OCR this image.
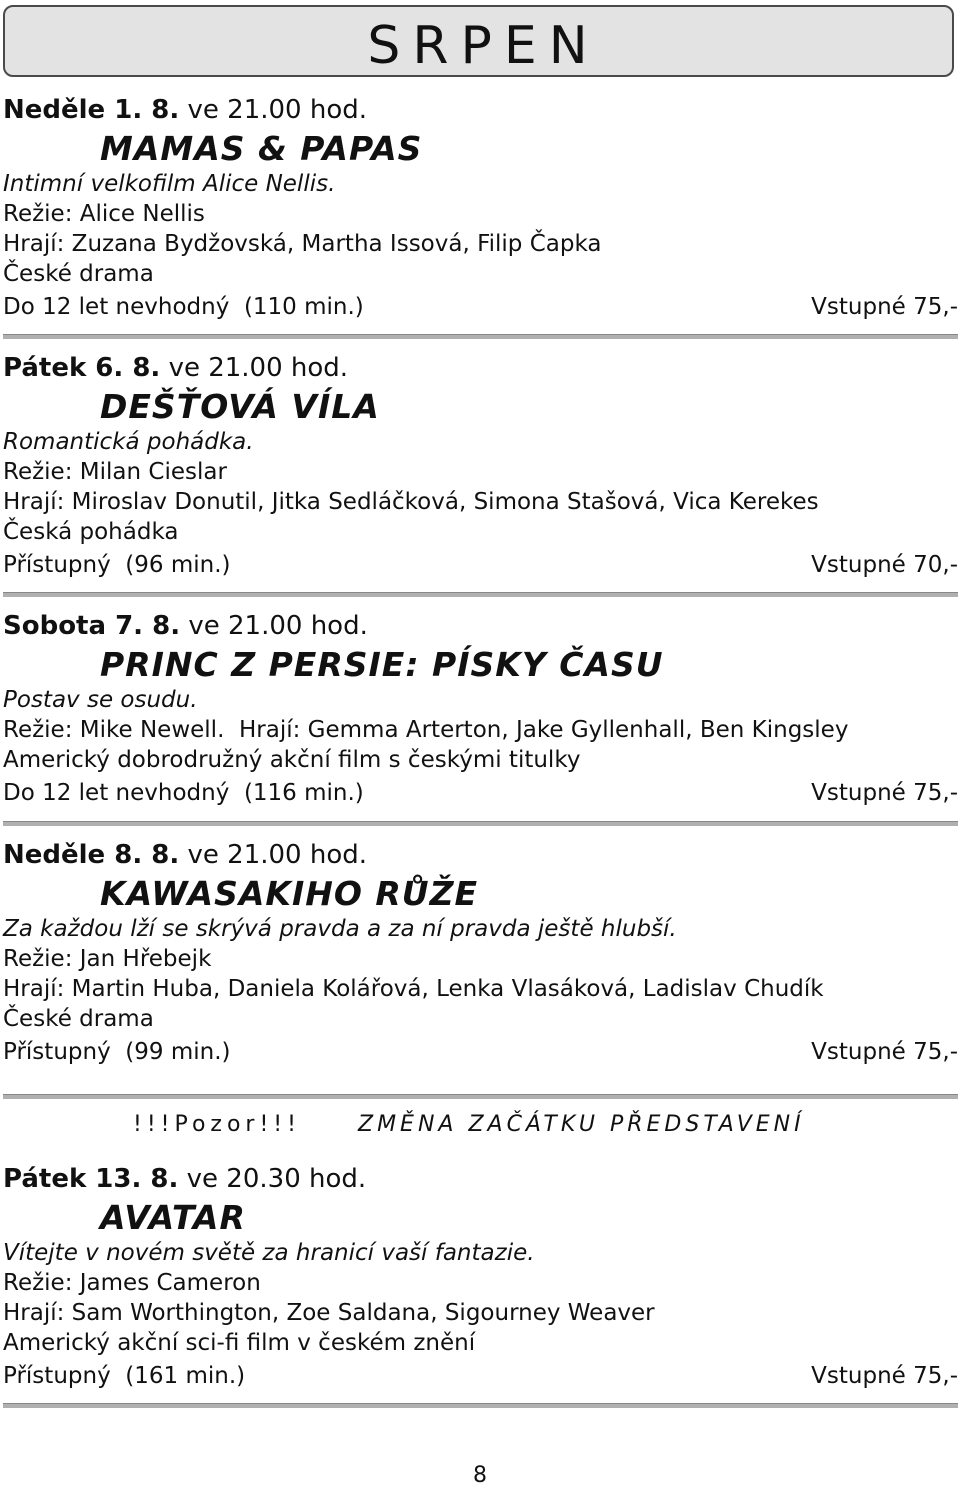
SRPEN
Neděle 1. 8. ve 21.00 hod.
MAMAS & PAPAS
Intimní velkofilm Alice Nellis.
Režie: Alice Nellis
Hrají: Zuzana Bydžovská, Martha Issová, Filip Čapka
České drama
Do 12 let nevhodný  (110 min.)	Vstupné 75,-
Pátek 6. 8. ve 21.00 hod.
DEŠŤOVÁ VÍLA
Romantická pohádka.
Režie: Milan Cieslar
Hrají: Miroslav Donutil, Jitka Sedláčková, Simona Stašová, Vica Kerekes
Česká pohádka
Přístupný  (96 min.)	Vstupné 70,-
Sobota 7. 8. ve 21.00 hod.
PRINC Z PERSIE: PÍSKY ČASU
Postav se osudu.
Režie: Mike Newell.  Hrají: Gemma Arterton, Jake Gyllenhall, Ben Kingsley
Americký dobrodružný akční film s českými titulky
Do 12 let nevhodný  (116 min.)	Vstupné 75,-
Neděle 8. 8. ve 21.00 hod.
KAWASAKIHO RŮŽE
Za každou lží se skrývá pravda a za ní pravda ještě hlubší.
Režie: Jan Hřebejk
Hrají: Martin Huba, Daniela Kolářová, Lenka Vlasáková, Ladislav Chudík
České drama
Přístupný  (99 min.)	Vstupné 75,-
!!!Pozor!!!	ZMĚNA ZAČÁTKU PŘEDSTAVENÍ
Pátek 13. 8. ve 20.30 hod.
AVATAR
Vítejte v novém světě za hranicí vaší fantazie.
Režie: James Cameron
Hrají: Sam Worthington, Zoe Saldana, Sigourney Weaver
Americký akční sci-fi film v českém znění
Přístupný  (161 min.)	Vstupné 75,-
8
